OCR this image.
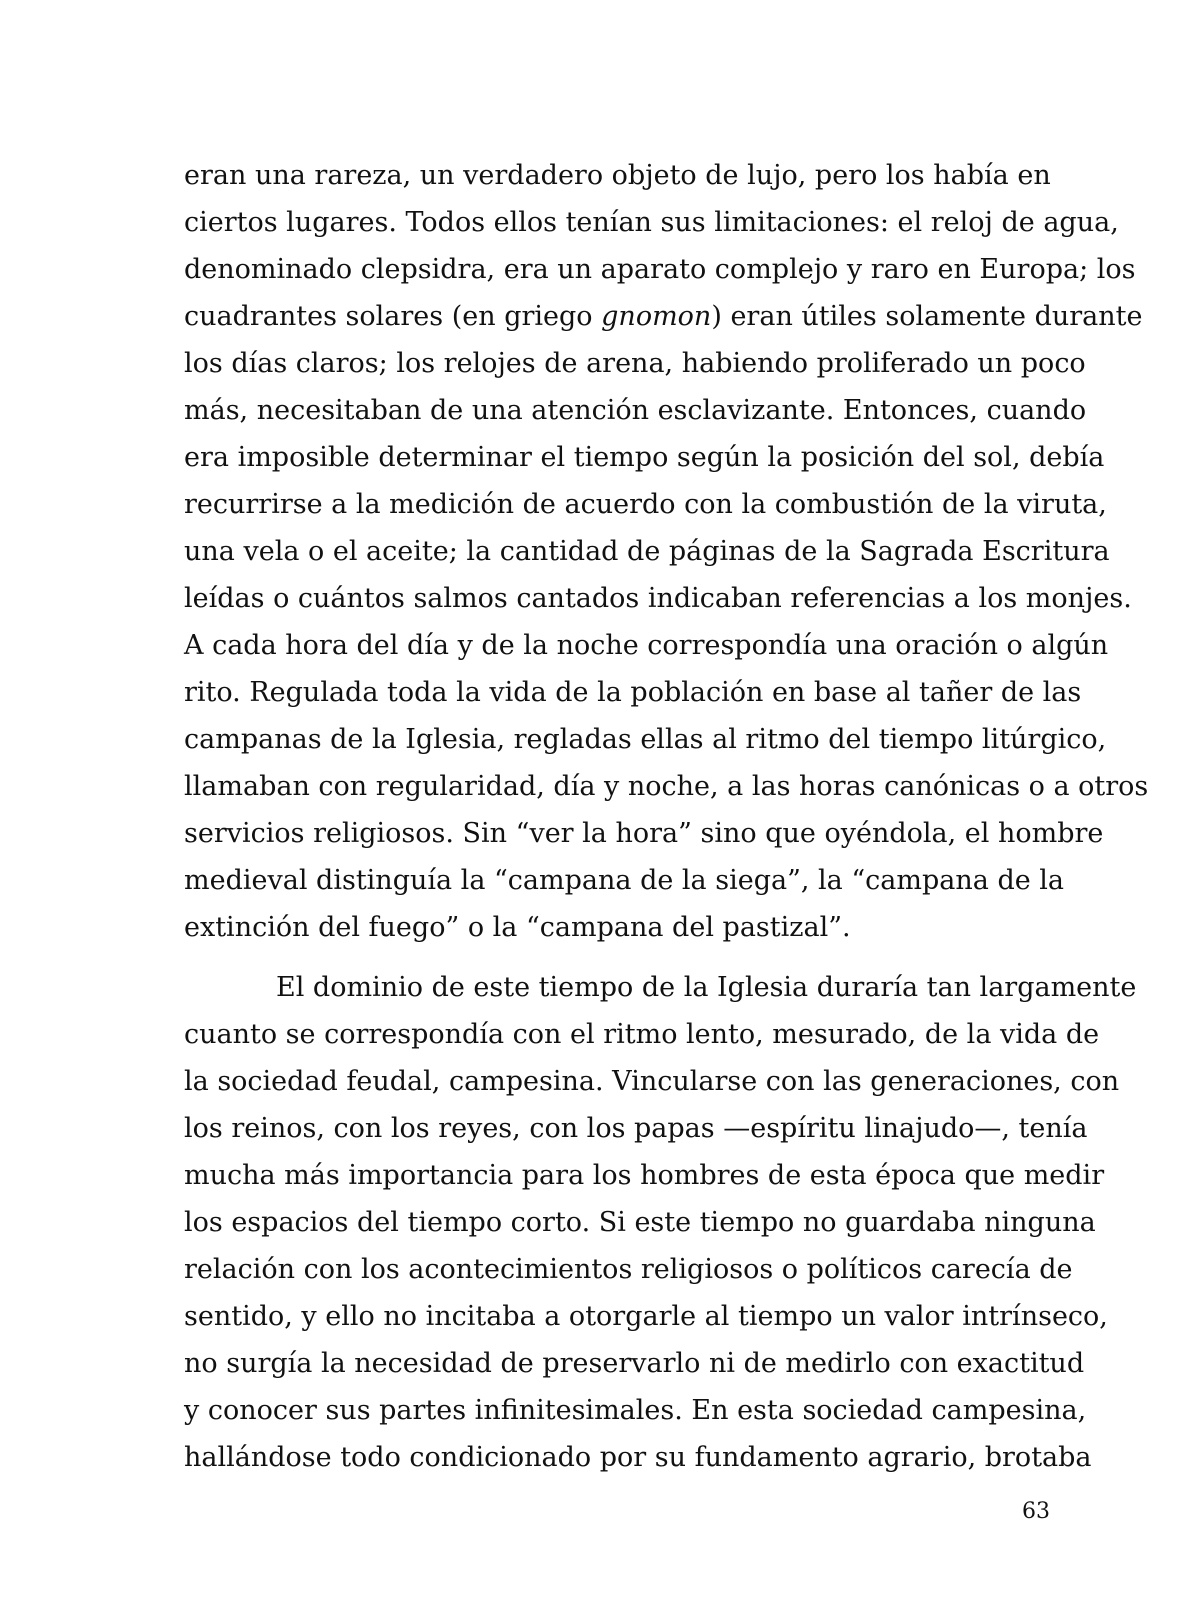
eran una rareza, un verdadero objeto de lujo, pero los había en
ciertos lugares. Todos ellos tenían sus limitaciones: el reloj de agua,
denominado clepsidra, era un aparato complejo y raro en Europa; los
cuadrantes solares (en griego gnomon) eran útiles solamente durante
los días claros; los relojes de arena, habiendo proliferado un poco
más, necesitaban de una atención esclavizante. Entonces, cuando
era imposible determinar el tiempo según la posición del sol, debía
recurrirse a la medición de acuerdo con la combustión de la viruta,
una vela o el aceite; la cantidad de páginas de la Sagrada Escritura
leídas o cuántos salmos cantados indicaban referencias a los monjes.
A cada hora del día y de la noche correspondía una oración o algún
rito. Regulada toda la vida de la población en base al tañer de las
campanas de la Iglesia, regladas ellas al ritmo del tiempo litúrgico,
llamaban con regularidad, día y noche, a las horas canónicas o a otros
servicios religiosos. Sin “ver la hora” sino que oyéndola, el hombre
medieval distinguía la “campana de la siega”, la “campana de la
extinción del fuego” o la “campana del pastizal”.
El dominio de este tiempo de la Iglesia duraría tan largamente
cuanto se correspondía con el ritmo lento, mesurado, de la vida de
la sociedad feudal, campesina. Vincularse con las generaciones, con
los reinos, con los reyes, con los papas —espíritu linajudo—, tenía
mucha más importancia para los hombres de esta época que medir
los espacios del tiempo corto. Si este tiempo no guardaba ninguna
relación con los acontecimientos religiosos o políticos carecía de
sentido, y ello no incitaba a otorgarle al tiempo un valor intrínseco,
no surgía la necesidad de preservarlo ni de medirlo con exactitud
y conocer sus partes infinitesimales. En esta sociedad campesina,
hallándose todo condicionado por su fundamento agrario, brotaba
63
